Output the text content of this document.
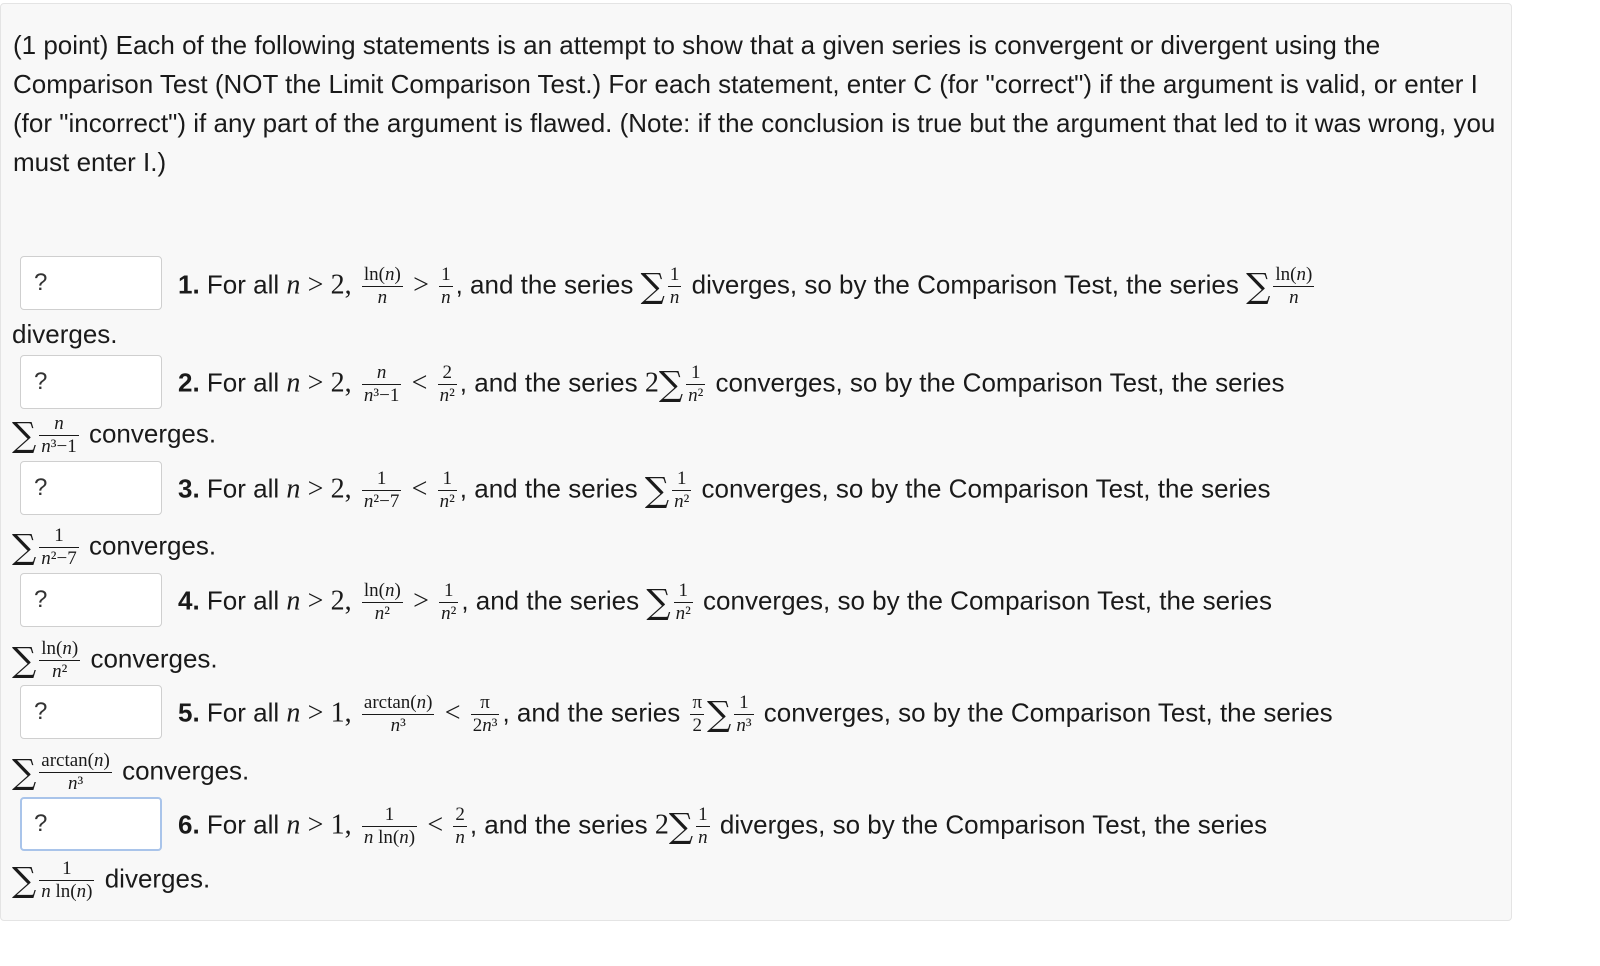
(1 point) Each of the following statements is an attempt to show that a given series is convergent or divergent using the Comparison Test (NOT the Limit Comparison Test.) For each statement, enter C (for "correct") if the argument is valid, or enter I (for "incorrect") if any part of the argument is flawed. (Note: if the conclusion is true but the argument that led to it was wrong, you must enter I.)
?	1. For all n > 2, $\frac{\ln(n)}{n} > \frac{1}{n}$ , and the series ∑ $\frac{1}{n}$ diverges, so by the Comparison Test, the series ∑ $\frac{\ln(n)}{n}$
diverges.
?	2. For all n > 2, $\frac{n}{\text{n³−1}} < \frac{2}{\text{n²}}$ , and the series $2\sum \frac{1}{\text{n²}}$ converges, so by the Comparison Test, the series
∑ $\frac{n}{\text{n³−1}}$ converges.
?	3. For all n > 2, $\frac{1}{\text{n²−7}} < \frac{1}{\text{n²}}$ , and the series ∑ $\frac{1}{\text{n²}}$ converges, so by the Comparison Test, the series
∑ $\frac{1}{\text{n²−7}}$ converges.
?	4. For all n > 2, $\frac{\ln(n)}{\text{n²}} > \frac{1}{\text{n²}}$ , and the series ∑ $\frac{1}{\text{n²}}$ converges, so by the Comparison Test, the series
∑ $\frac{\ln(n)}{\text{n²}}$ converges.
?	5. For all n > 1, $\frac{\arctan(n)}{\text{n³}} < \frac{\pi}{\text{2n³}}$ , and the series $\frac{\pi}{2}$ ∑ $\frac{1}{\text{n³}}$ converges, so by the Comparison Test, the series
∑ $\frac{\arctan(n)}{\text{n³}}$ converges.
?	6. For all n > 1, $\frac{1}{\text{n ln(n)}} < \frac{2}{n}$ , and the series $2\sum \frac{1}{n}$ diverges, so by the Comparison Test, the series
∑ $\frac{1}{\text{n ln(n)}}$ diverges.
